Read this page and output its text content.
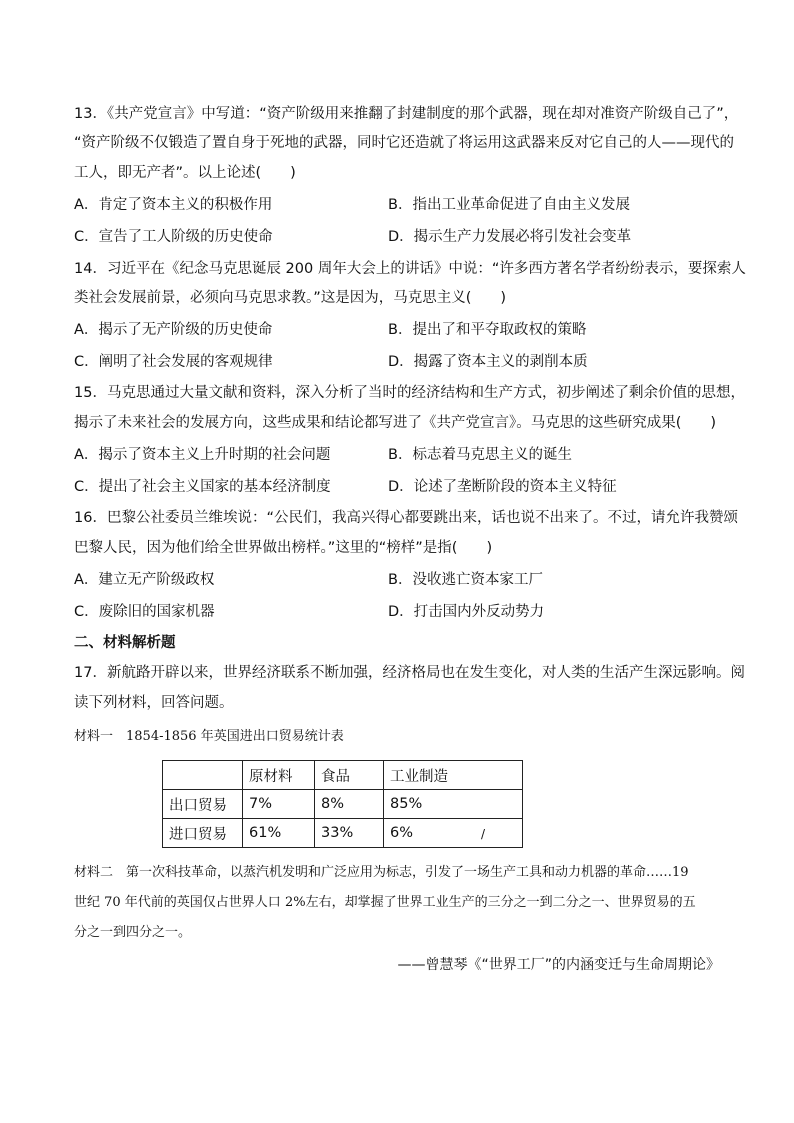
13．《共产党宣言》中写道：“资产阶级用来推翻了封建制度的那个武器，现在却对准资产阶级自己了”，
“资产阶级不仅锻造了置自身于死地的武器，同时它还造就了将运用这武器来反对它自己的人——现代的
工人，即无产者”。以上论述(　　)
A．肯定了资本主义的积极作用	B．指出工业革命促进了自由主义发展
C．宣告了工人阶级的历史使命	D．揭示生产力发展必将引发社会变革
14．习近平在《纪念马克思诞辰 200 周年大会上的讲话》中说：“许多西方著名学者纷纷表示，要探索人
类社会发展前景，必须向马克思求教。”这是因为，马克思主义(　　)
A．揭示了无产阶级的历史使命	B．提出了和平夺取政权的策略
C．阐明了社会发展的客观规律	D．揭露了资本主义的剥削本质
15．马克思通过大量文献和资料，深入分析了当时的经济结构和生产方式，初步阐述了剩余价值的思想，
揭示了未来社会的发展方向，这些成果和结论都写进了《共产党宣言》。马克思的这些研究成果(　　)
A．揭示了资本主义上升时期的社会问题	B．标志着马克思主义的诞生
C．提出了社会主义国家的基本经济制度	D．论述了垄断阶段的资本主义特征
16．巴黎公社委员兰维埃说：“公民们，我高兴得心都要跳出来，话也说不出来了。不过，请允许我赞颂
巴黎人民，因为他们给全世界做出榜样。”这里的“榜样”是指(　　)
A．建立无产阶级政权	B．没收逃亡资本家工厂
C．废除旧的国家机器	D．打击国内外反动势力
二、材料解析题
17．新航路开辟以来，世界经济联系不断加强，经济格局也在发生变化，对人类的生活产生深远影响。阅
读下列材料，回答问题。
材料一　1854-1856 年英国进出口贸易统计表
	原材料	食品	工业制造
出口贸易	7%	8%	85%
进口贸易	61%	33%	6%	/
材料二　第一次科技革命，以蒸汽机发明和广泛应用为标志，引发了一场生产工具和动力机器的革命……19
世纪 70 年代前的英国仅占世界人口 2%左右，却掌握了世界工业生产的三分之一到二分之一、世界贸易的五
分之一到四分之一。
——曾慧琴《“世界工厂”的内涵变迁与生命周期论》
